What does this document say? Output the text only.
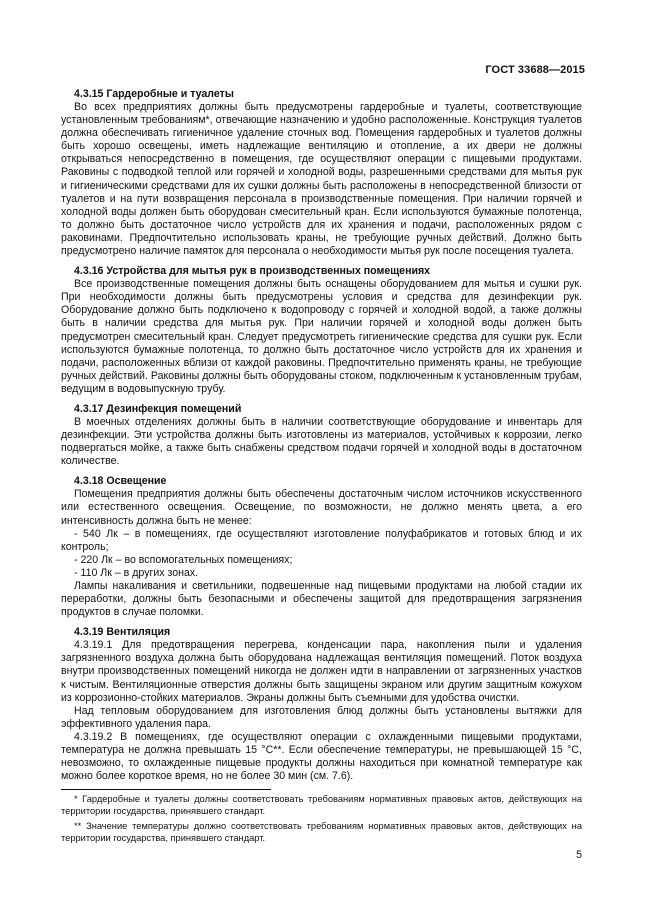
ГОСТ 33688—2015
4.3.15 Гардеробные и туалеты

Во всех предприятиях должны быть предусмотрены гардеробные и туалеты, соответствующие установленным требованиям*, отвечающие назначению и удобно расположенные. Конструкция туалетов должна обеспечивать гигиеничное удаление сточных вод. Помещения гардеробных и туалетов должны быть хорошо освещены, иметь надлежащие вентиляцию и отопление, а их двери не должны открываться непосредственно в помещения, где осуществляют операции с пищевыми продуктами. Раковины с подводкой теплой или горячей и холодной воды, разрешенными средствами для мытья рук и гигиеническими средствами для их сушки должны быть расположены в непосредственной близости от туалетов и на пути возвращения персонала в производственные помещения. При наличии горячей и холодной воды должен быть оборудован смесительный кран. Если используются бумажные полотенца, то должно быть достаточное число устройств для их хранения и подачи, расположенных рядом с раковинами. Предпочтительно использовать краны, не требующие ручных действий. Должно быть предусмотрено наличие памяток для персонала о необходимости мытья рук после посещения туалета.

4.3.16 Устройства для мытья рук в производственных помещениях

Все производственные помещения должны быть оснащены оборудованием для мытья и сушки рук. При необходимости должны быть предусмотрены условия и средства для дезинфекции рук. Оборудование должно быть подключено к водопроводу с горячей и холодной водой, а также должны быть в наличии средства для мытья рук. При наличии горячей и холодной воды должен быть предусмотрен смесительный кран. Следует предусмотреть гигиенические средства для сушки рук. Если используются бумажные полотенца, то должно быть достаточное число устройств для их хранения и подачи, расположенных вблизи от каждой раковины. Предпочтительно применять краны, не требующие ручных действий. Раковины должны быть оборудованы стоком, подключенным к установленным трубам, ведущим в водовыпускную трубу.

4.3.17 Дезинфекция помещений

В моечных отделениях должны быть в наличии соответствующие оборудование и инвентарь для дезинфекции. Эти устройства должны быть изготовлены из материалов, устойчивых к коррозии, легко подвергаться мойке, а также быть снабжены средством подачи горячей и холодной воды в достаточном количестве.

4.3.18 Освещение

Помещения предприятия должны быть обеспечены достаточным числом источников искусственного или естественного освещения. Освещение, по возможности, не должно менять цвета, а его интенсивность должна быть не менее:

- 540 Лк – в помещениях, где осуществляют изготовление полуфабрикатов и готовых блюд и их контроль;

- 220 Лк – во вспомогательных помещениях;

- 110 Лк – в других зонах.

Лампы накаливания и светильники, подвешенные над пищевыми продуктами на любой стадии их переработки, должны быть безопасными и обеспечены защитой для предотвращения загрязнения продуктов в случае поломки.

4.3.19 Вентиляция

4.3.19.1 Для предотвращения перегрева, конденсации пара, накопления пыли и удаления загрязненного воздуха должна быть оборудована надлежащая вентиляция помещений. Поток воздуха внутри производственных помещений никогда не должен идти в направлении от загрязненных участков к чистым. Вентиляционные отверстия должны быть защищены экраном или другим защитным кожухом из коррозионно-стойких материалов. Экраны должны быть съемными для удобства очистки.

Над тепловым оборудованием для изготовления блюд должны быть установлены вытяжки для эффективного удаления пара.

4.3.19.2 В помещениях, где осуществляют операции с охлажденными пищевыми продуктами, температура не должна превышать 15 °С**. Если обеспечение температуры, не превышающей 15 °С, невозможно, то охлажденные пищевые продукты должны находиться при комнатной температуре как можно более короткое время, но не более 30 мин (см. 7.6).

* Гардеробные и туалеты должны соответствовать требованиям нормативных правовых актов, действующих на территории государства, принявшего стандарт.

** Значение температуры должно соответствовать требованиям нормативных правовых актов, действующих на территории государства, принявшего стандарт.

5
